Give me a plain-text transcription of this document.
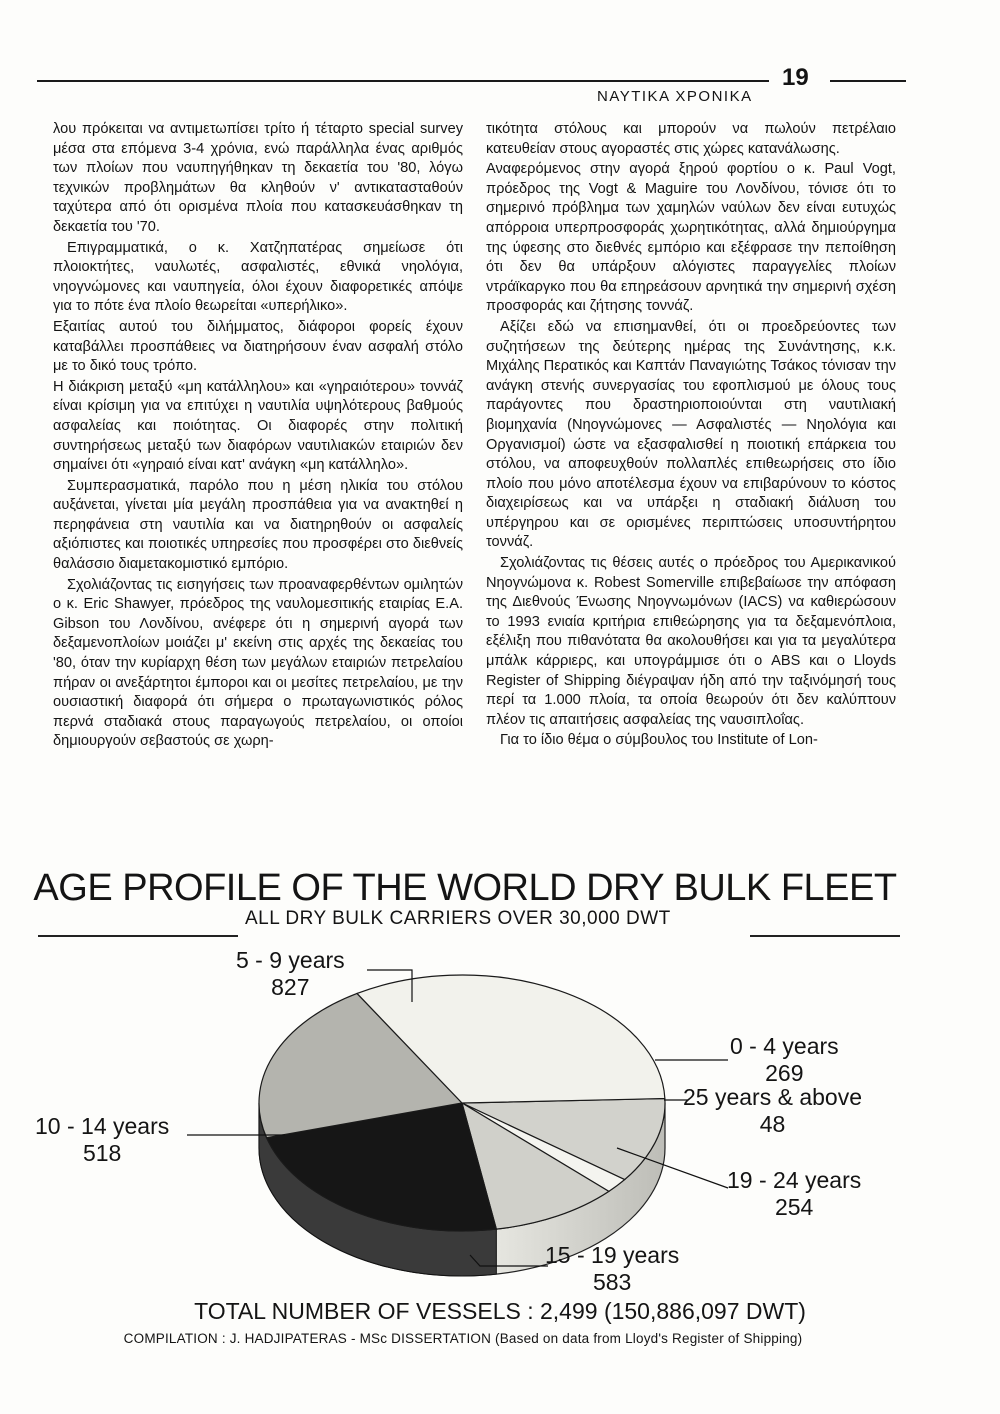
19
ΝΑΥΤΙΚΑ ΧΡΟΝΙΚΑ

λου πρόκειται να αντιμετωπίσει τρίτο ή τέταρτο special survey μέσα στα επόμενα 3-4 χρόνια, ενώ παράλληλα ένας αριθμός των πλοίων που ναυπηγήθηκαν τη δεκαετία του '80, λόγω τεχνικών προβλημάτων θα κληθούν ν' αντικατασταθούν ταχύτερα από ότι ορισμένα πλοία που κατασκευάσθηκαν τη δεκαετία του '70.

Επιγραμματικά, ο κ. Χατζηπατέρας σημείωσε ότι πλοιοκτήτες, ναυλωτές, ασφαλιστές, εθνικά νηολόγια, νηογνώμονες και ναυπηγεία, όλοι έχουν διαφορετικές απόψε για το πότε ένα πλοίο θεωρείται «υπερήλικο».

Εξαιτίας αυτού του διλήμματος, διάφοροι φορείς έχουν καταβάλλει προσπάθειες να διατηρήσουν έναν ασφαλή στόλο με το δικό τους τρόπο.

Η διάκριση μεταξύ «μη κατάλληλου» και «γηραιότερου» τοννάζ είναι κρίσιμη για να επιτύχει η ναυτιλία υψηλότερους βαθμούς ασφαλείας και ποιότητας. Οι διαφορές στην πολιτική συντηρήσεως μεταξύ των διαφόρων ναυτιλιακών εταιριών δεν σημαίνει ότι «γηραιό είναι κατ' ανάγκη «μη κατάλληλο».

Συμπερασματικά, παρόλο που η μέση ηλικία του στόλου αυξάνεται, γίνεται μία μεγάλη προσπάθεια για να ανακτηθεί η περηφάνεια στη ναυτιλία και να διατηρηθούν οι ασφαλείς αξιόπιστες και ποιοτικές υπηρεσίες που προσφέρει στο διεθνείς θαλάσσιο διαμετακομιστικό εμπόριο.

Σχολιάζοντας τις εισηγήσεις των προαναφερθέντων ομιλητών ο κ. Eric Shawyer, πρόεδρος της ναυλομεσιτικής εταιρίας E.A. Gibson του Λονδίνου, ανέφερε ότι η σημερινή αγορά των δεξαμενοπλοίων μοιάζει μ' εκείνη στις αρχές της δεκαείας του '80, όταν την κυρίαρχη θέση των μεγάλων εταιριών πετρελαίου πήραν οι ανεξάρτητοι έμποροι και οι μεσίτες πετρελαίου, με την ουσιαστική διαφορά ότι σήμερα ο πρωταγωνιστικός ρόλος περνά σταδιακά στους παραγωγούς πετρελαίου, οι οποίοι δημιουργούν σεβαστούς σε χωρη-

τικότητα στόλους και μπορούν να πωλούν πετρέλαιο κατευθείαν στους αγοραστές στις χώρες κατανάλωσης.

Αναφερόμενος στην αγορά ξηρού φορτίου ο κ. Paul Vogt, πρόεδρος της Vogt & Maguire του Λονδίνου, τόνισε ότι το σημερινό πρόβλημα των χαμηλών ναύλων δεν είναι ευτυχώς απόρροια υπερπροσφοράς χωρητικότητας, αλλά δημιούργημα της ύφεσης στο διεθνές εμπόριο και εξέφρασε την πεποίθηση ότι δεν θα υπάρξουν αλόγιστες παραγγελίες πλοίων ντράϊκαργκο που θα επηρεάσουν αρνητικά την σημερινή σχέση προσφοράς και ζήτησης τοννάζ.

Αξίζει εδώ να επισημανθεί, ότι οι προεδρεύοντες των συζητήσεων της δεύτερης ημέρας της Συνάντησης, κ.κ. Μιχάλης Περατικός και Καπτάν Παναγιώτης Τσάκος τόνισαν την ανάγκη στενής συνεργασίας του εφοπλισμού με όλους τους παράγοντες που δραστηριοποιούνται στη ναυτιλιακή βιομηχανία (Νηογνώμονες — Ασφαλιστές — Νηολόγια και Οργανισμοί) ώστε να εξασφαλισθεί η ποιοτική επάρκεια του στόλου, να αποφευχθούν πολλαπλές επιθεωρήσεις στο ίδιο πλοίο που μόνο αποτέλεσμα έχουν να επιβαρύνουν το κόστος διαχειρίσεως και να υπάρξει η σταδιακή διάλυση του υπέργηρου και σε ορισμένες περιπτώσεις υποσυντήρητου τοννάζ.

Σχολιάζοντας τις θέσεις αυτές ο πρόεδρος του Αμερικανικού Νηογνώμονα κ. Robest Somerville επιβεβαίωσε την απόφαση της Διεθνούς Ένωσης Νηογνωμόνων (IACS) να καθιερώσουν το 1993 ενιαία κριτήρια επιθεώρησης για τα δεξαμενόπλοια, εξέλιξη που πιθανότατα θα ακολουθήσει και για τα μεγαλύτερα μπάλκ κάρριερς, και υπογράμμισε ότι ο ABS και ο Lloyds Register of Shipping διέγραψαν ήδη από την ταξινόμησή τους περί τα 1.000 πλοία, τα οποία θεωρούν ότι δεν καλύπτουν πλέον τις απαιτήσεις ασφαλείας της ναυσιπλοΐας.

Για το ίδιο θέμα ο σύμβουλος του Institute of Lon-

AGE PROFILE OF THE WORLD DRY BULK FLEET
ALL DRY BULK CARRIERS OVER 30,000 DWT
0 - 4 years
269
25 years & above
48
19 - 24 years
254
15 - 19 years
583
10 - 14 years
518
5 - 9 years
827
TOTAL NUMBER OF VESSELS : 2,499 (150,886,097 DWT)
COMPILATION : J. HADJIPATERAS - MSc DISSERTATION (Based on data from Lloyd's Register of Shipping)
